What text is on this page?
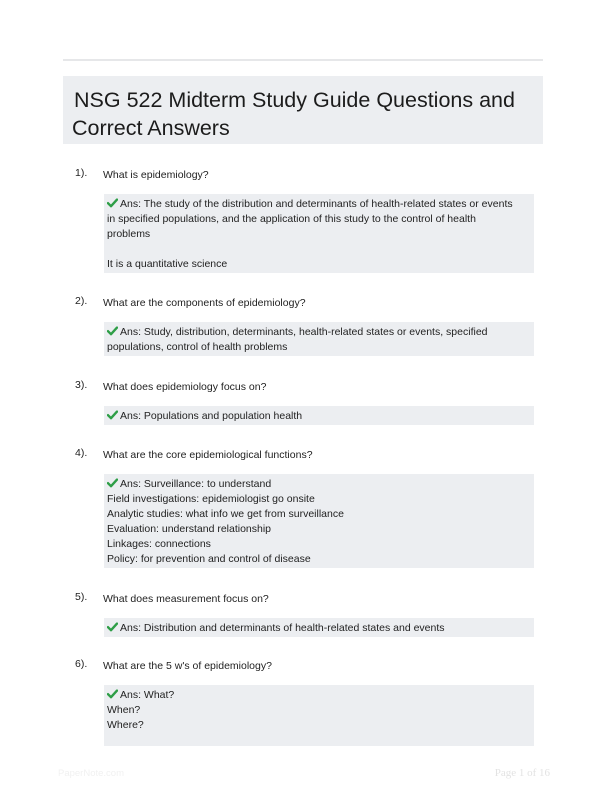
NSG 522 Midterm Study Guide Questions and
Correct Answers
1). What is epidemiology?

Ans: The study of the distribution and determinants of health-related states or events

in specified populations, and the application of this study to the control of health

problems

It is a quantitative science

2). What are the components of epidemiology?

Ans: Study, distribution, determinants, health-related states or events, specified

populations, control of health problems

3). What does epidemiology focus on?

Ans: Populations and population health

4). What are the core epidemiological functions?

Ans: Surveillance: to understand

Field investigations: epidemiologist go onsite

Analytic studies: what info we get from surveillance

Evaluation: understand relationship

Linkages: connections

Policy: for prevention and control of disease

5). What does measurement focus on?

Ans: Distribution and determinants of health-related states and events

6). What are the 5 w's of epidemiology?

Ans: What?

When?

Where?

PaperNote.com	Page 1 of 16
